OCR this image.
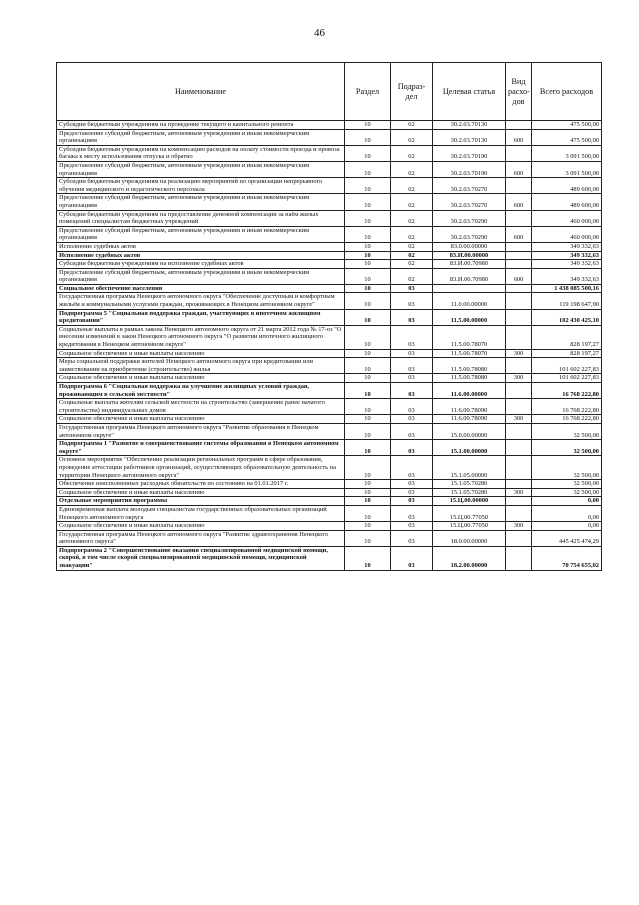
46
Наименование	Раздел	Подраз-дел	Целевая статья	Вид расхо-дов	Всего расходов
Субсидии бюджетным учреждениям на проведение текущего и капитального ремонта	10	02	30.2.03.70130		475 500,00
Предоставление субсидий бюджетным, автономным учреждениям и иным некоммерческим организациям	10	02	30.2.03.70130	600	475 500,00
Субсидии бюджетным учреждениям на компенсацию расходов на оплату стоимости проезда и провоза багажа к месту использования отпуска и обратно	10	02	30.2.03.70190		3 091 500,00
Предоставление субсидий бюджетным, автономным учреждениям и иным некоммерческим организациям	10	02	30.2.03.70190	600	3 091 500,00
Субсидии бюджетным учреждениям на реализацию мероприятий по организации непрерывного обучения медицинского и педагогического персонала	10	02	30.2.03.70270		489 600,00
Предоставление субсидий бюджетным, автономным учреждениям и иным некоммерческим организациям	10	02	30.2.03.70270	600	489 600,00
Субсидии бюджетным учреждениям на предоставление денежной компенсации за наём жилых помещений специалистам бюджетных учреждений	10	02	30.2.03.70290		460 000,00
Предоставление субсидий бюджетным, автономным учреждениям и иным некоммерческим организациям	10	02	30.2.03.70290	600	460 000,00
Исполнение судебных актов	10	02	83.0.00.00000		349 332,63
Исполнение судебных актов	10	02	83.И.00.00000		349 332,63
Субсидии бюджетным учреждениям на исполнение судебных актов	10	02	83.И.00.70980		349 332,63
Предоставление субсидий бюджетным, автономным учреждениям и иным некоммерческим организациям	10	02	83.И.00.70980	600	349 332,63
Социальное обеспечение населения	10	03			1 438 085 500,16
Государственная программа Ненецкого автономного округа "Обеспечение доступным и комфортным жильём и коммунальными услугами граждан, проживающих в Ненецком автономном округе"	10	03	11.0.00.00000		119 198 647,90
Подпрограмма 5 "Социальная поддержка граждан, участвующих в ипотечном жилищном кредитовании"	10	03	11.5.00.00000		102 430 425,10
Социальные выплаты в рамках закона Ненецкого автономного округа от 21 марта 2012 года № 17-оз "О внесении изменений в закон Ненецкого автономного округа "О развитии ипотечного жилищного кредитования в Ненецком автономном округе"	10	03	11.5.00.78070		828 197,27
Социальное обеспечение и иные выплаты населению	10	03	11.5.00.78070	300	828 197,27
Меры социальной поддержки жителей Ненецкого автономного округа при кредитовании или заимствовании на приобретение (строительство) жилья	10	03	11.5.00.78080		101 602 227,83
Социальное обеспечение и иные выплаты населению	10	03	11.5.00.78080	300	101 602 227,83
Подпрограмма 6 "Социальная поддержка на улучшение жилищных условий граждан, проживающим в сельской местности"	10	03	11.6.00.00000		16 768 222,80
Социальные выплаты жителям сельской местности на строительство (завершение ранее начатого строительства) индивидуальных домов	10	03	11.6.00.78090		16 768 222,80
Социальное обеспечение и иные выплаты населению	10	03	11.6.00.78090	300	16 768 222,80
Государственная программа Ненецкого автономного округа "Развитие образования в Ненецком автономном округе"	10	03	15.0.00.00000		32 500,00
Подпрограмма 1 "Развитие и совершенствование системы образования в Ненецком автономном округе"	10	03	15.1.00.00000		32 500,00
Основное мероприятие "Обеспечение реализации региональных программ в сфере образования, проведение аттестации работников организаций, осуществляющих образовательную деятельность на территории Ненецкого автономного округа"	10	03	15.1.05.00000		32 500,00
Обеспечение неисполненных расходных обязательств по состоянию на 01.01.2017 г.	10	03	15.1.05.70280		32 500,00
Социальное обеспечение и иные выплаты населению	10	03	15.1.05.70280	300	32 500,00
Отдельные мероприятия программы	10	03	15.Ц.00.00000		0,00
Единовременная выплата молодым специалистам государственных образовательных организаций Ненецкого автономного округа	10	03	15.Ц.00.77050		0,00
Социальное обеспечение и иные выплаты населению	10	03	15.Ц.00.77050	300	0,00
Государственная программа Ненецкого автономного округа "Развитие здравоохранения Ненецкого автономного округа"	10	03	18.0.00.00000		445 425 474,29
Подпрограмма 2 "Совершенствование оказания специализированной медицинской помощи, скорой, в том числе скорой специализированной медицинской помощи, медицинской эвакуации"	10	03	18.2.00.00000		70 754 655,02
